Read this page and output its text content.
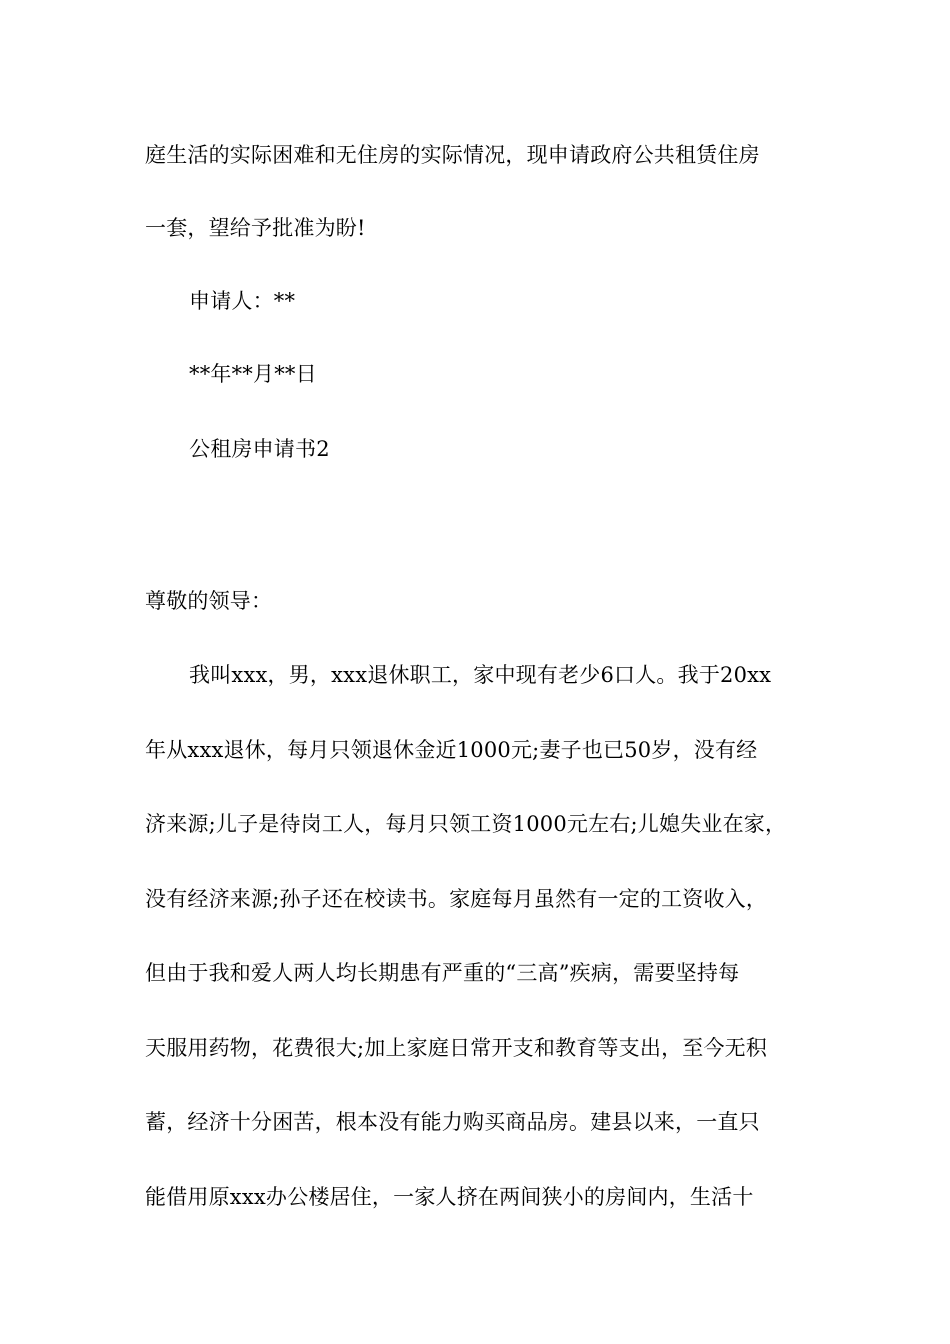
庭生活的实际困难和无住房的实际情况，现申请政府公共租赁住房
一套，望给予批准为盼!
申请人：**
**年**月**日
公租房申请书2
尊敬的领导：
我叫xxx，男，xxx退休职工，家中现有老少6口人。我于20xx
年从xxx退休，每月只领退休金近1000元;妻子也已50岁，没有经
济来源;儿子是待岗工人，每月只领工资1000元左右;儿媳失业在家，
没有经济来源;孙子还在校读书。家庭每月虽然有一定的工资收入，
但由于我和爱人两人均长期患有严重的“三高”疾病，需要坚持每
天服用药物，花费很大;加上家庭日常开支和教育等支出，至今无积
蓄，经济十分困苦，根本没有能力购买商品房。建县以来，一直只
能借用原xxx办公楼居住，一家人挤在两间狭小的房间内，生活十
